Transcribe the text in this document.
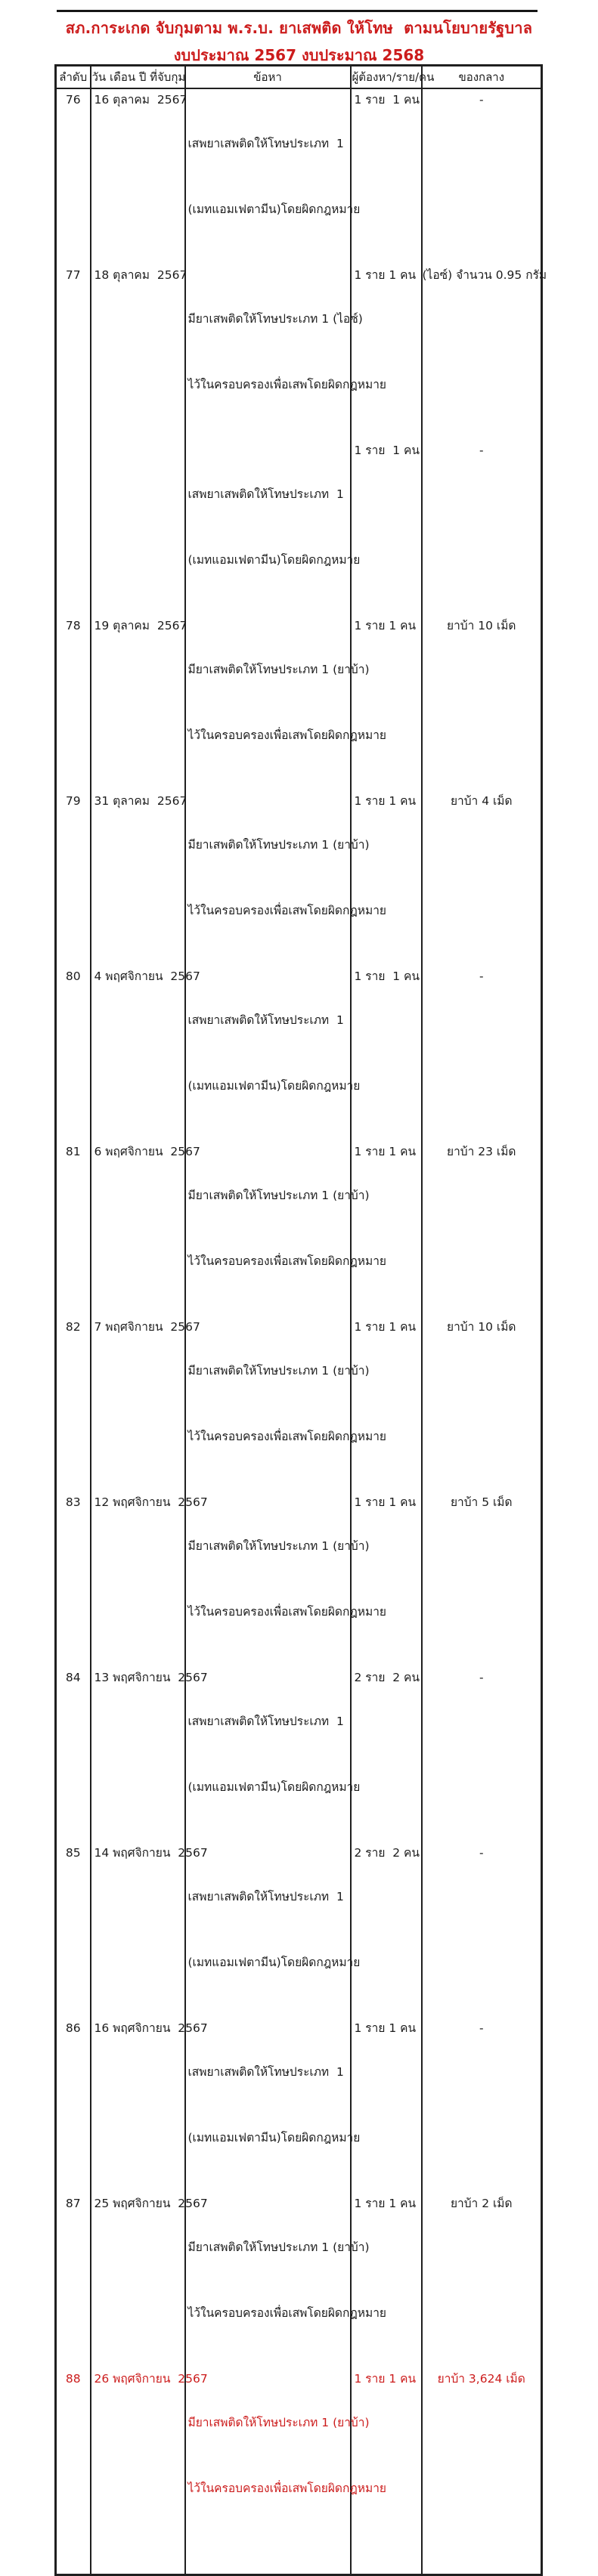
สภ.การะเกด จับกุมตาม พ.ร.บ. ยาเสพติด ให้โทษ  ตามนโยบายรัฐบาล
งบประมาณ 2567 งบประมาณ 2568
ลำดับ	วัน เดือน ปี ที่จับกุม	ข้อหา	ผู้ต้องหา/ราย/คน	ของกลาง
76	16 ตุลาคม  2567	เสพยาเสพติดให้โทษประเภท  1

(เมทแอมเฟตามีน)โดยผิดกฎหมาย	1 ราย  1 คน	-
77	18 ตุลาคม  2567	มียาเสพติดให้โทษประเภท 1 (ไอซ์)

ไว้ในครอบครองเพื่อเสพโดยผิดกฎหมาย	1 ราย 1 คน	(ไอซ์) จำนวน 0.95 กรัม

		เสพยาเสพติดให้โทษประเภท  1

(เมทแอมเฟตามีน)โดยผิดกฎหมาย	1 ราย  1 คน	-
78	19 ตุลาคม  2567	มียาเสพติดให้โทษประเภท 1 (ยาบ้า)

ไว้ในครอบครองเพื่อเสพโดยผิดกฎหมาย	1 ราย 1 คน	ยาบ้า 10 เม็ด
79	31 ตุลาคม  2567	มียาเสพติดให้โทษประเภท 1 (ยาบ้า)

ไว้ในครอบครองเพื่อเสพโดยผิดกฎหมาย	1 ราย 1 คน	ยาบ้า 4 เม็ด
80	4 พฤศจิกายน  2567	เสพยาเสพติดให้โทษประเภท  1

(เมทแอมเฟตามีน)โดยผิดกฎหมาย	1 ราย  1 คน	-
81	6 พฤศจิกายน  2567	มียาเสพติดให้โทษประเภท 1 (ยาบ้า)

ไว้ในครอบครองเพื่อเสพโดยผิดกฎหมาย	1 ราย 1 คน	ยาบ้า 23 เม็ด
82	7 พฤศจิกายน  2567	มียาเสพติดให้โทษประเภท 1 (ยาบ้า)

ไว้ในครอบครองเพื่อเสพโดยผิดกฎหมาย	1 ราย 1 คน	ยาบ้า 10 เม็ด
83	12 พฤศจิกายน  2567	มียาเสพติดให้โทษประเภท 1 (ยาบ้า)

ไว้ในครอบครองเพื่อเสพโดยผิดกฎหมาย	1 ราย 1 คน	ยาบ้า 5 เม็ด
84	13 พฤศจิกายน  2567	เสพยาเสพติดให้โทษประเภท  1

(เมทแอมเฟตามีน)โดยผิดกฎหมาย	2 ราย  2 คน	-
85	14 พฤศจิกายน  2567	เสพยาเสพติดให้โทษประเภท  1

(เมทแอมเฟตามีน)โดยผิดกฎหมาย	2 ราย  2 คน	-
86	16 พฤศจิกายน  2567	เสพยาเสพติดให้โทษประเภท  1

(เมทแอมเฟตามีน)โดยผิดกฎหมาย	1 ราย 1 คน	-
87	25 พฤศจิกายน  2567	มียาเสพติดให้โทษประเภท 1 (ยาบ้า)

ไว้ในครอบครองเพื่อเสพโดยผิดกฎหมาย	1 ราย 1 คน	ยาบ้า 2 เม็ด
88	26 พฤศจิกายน  2567	มียาเสพติดให้โทษประเภท 1 (ยาบ้า)

ไว้ในครอบครองเพื่อเสพโดยผิดกฎหมาย	1 ราย 1 คน	ยาบ้า 3,624 เม็ด
